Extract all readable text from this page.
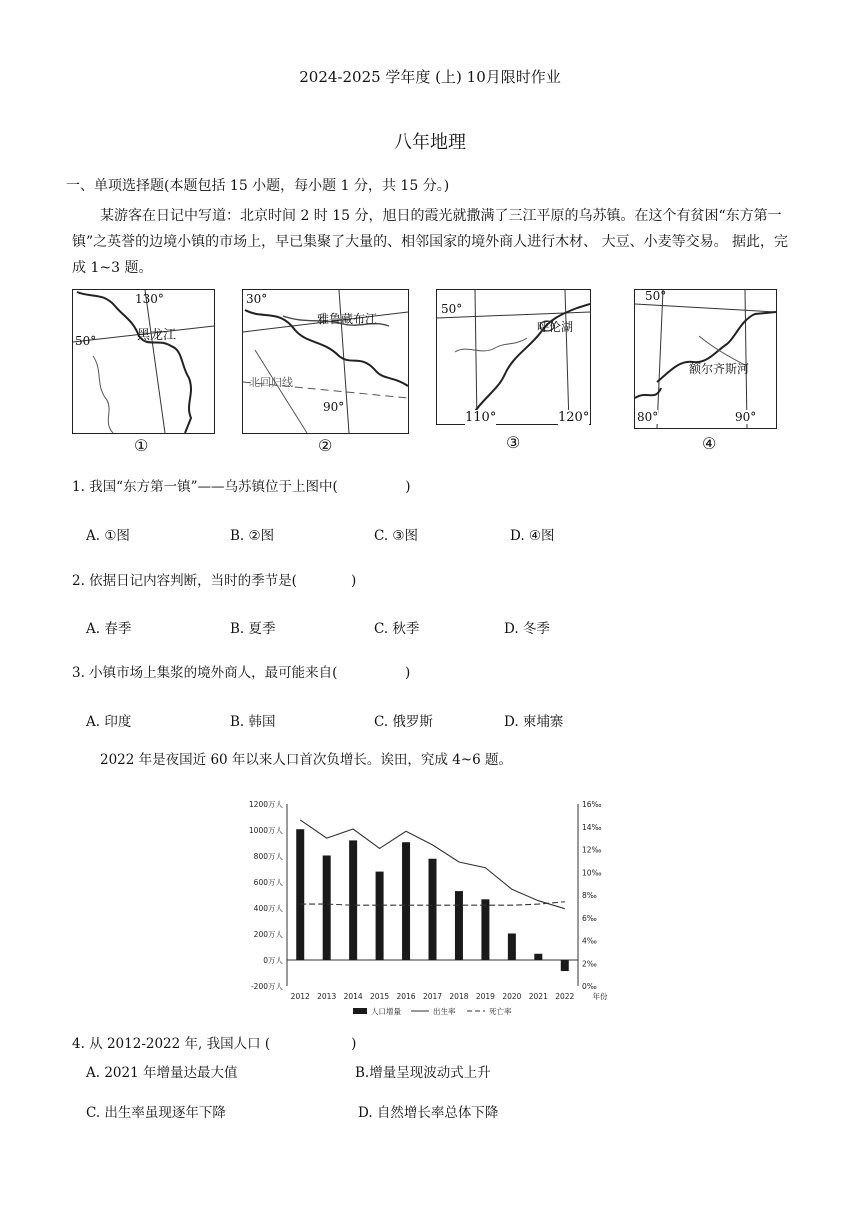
2024-2025 学年度 (上) 10月限时作业
八年地理
一、单项选择题(本题包括 15 小题，每小题 1 分，共 15 分。)
某游客在日记中写道：北京时间 2 时 15 分，旭日的霞光就撒满了三江平原的乌苏镇。在这个有贫困“东方第一镇”之英誉的边境小镇的市场上，早已集聚了大量的、相邻国家的境外商人进行木材、 大豆、小麦等交易。 据此，完成 1~3 题。
130°
黑龙江
50°
①
30°
雅鲁藏布江
北回归线
90°
②
50°
呼伦湖
110°	120°
③
50°
额尔齐斯河
80°	90°
④
1. 我国“东方第一镇”——乌苏镇位于上图中(　　　　　)
A. ①图	B. ②图	C. ③图	D. ④图
2. 依据日记内容判断，当时的季节是(　　　　)
A. 春季	B. 夏季	C. 秋季	D. 冬季
3. 小镇市场上集浆的境外商人，最可能来自(　　　　　)
A. 印度	B. 韩国	C. 俄罗斯	D. 柬埔寨
2022 年是夜国近 60 年以来人口首次负增长。诶田，究成 4~6 题。
1200万人
1000万人
800万人
600万人
400万人
200万人
0万人
-200万人
16‰
14‰
12‰
10‰
8‰
6‰
4‰
2‰
0‰
2012 2013 2014 2015 2016 2017 2018 2019 2020 2021 2022 年份
人口增量	出生率	死亡率
4. 从 2012-2022 年, 我国人口 (　　　　　　)
A. 2021 年增量达最大值	B.增量呈现波动式上升
C. 出生率虽现逐年下降	D. 自然增长率总体下降
